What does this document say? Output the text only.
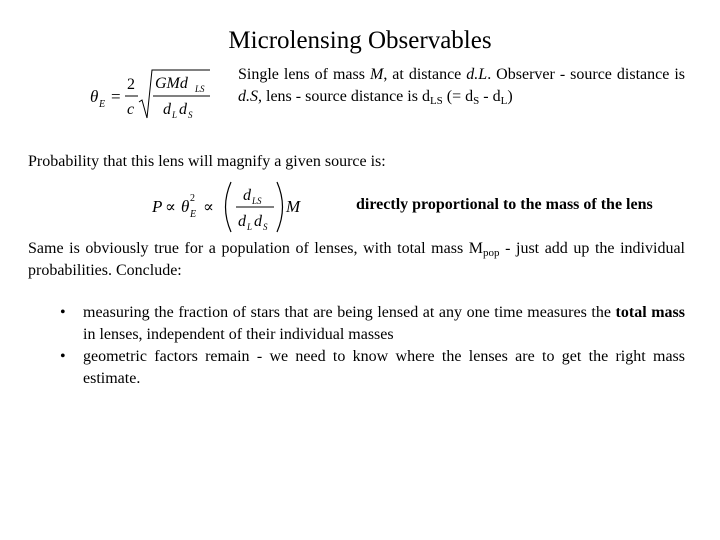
Microlensing Observables
θ E =
2
c
GMd LS
d L d S
Single lens of mass M, at distance d.L. Observer - source distance is d.S, lens - source distance is $d_{LS}$ (= $d_S - d_L$)
Probability that this lens will magnify a given source is:
P ∝ θ E
2
∝
d LS
d L d S
M	directly proportional to the mass of the lens
Same is obviously true for a population of lenses, with total mass $M_{pop}$ - just add up the individual probabilities. Conclude:
• measuring the fraction of stars that are being lensed at any one time measures the total mass in lenses, independent of their individual masses
• geometric factors remain - we need to know where the lenses are to get the right mass estimate.
